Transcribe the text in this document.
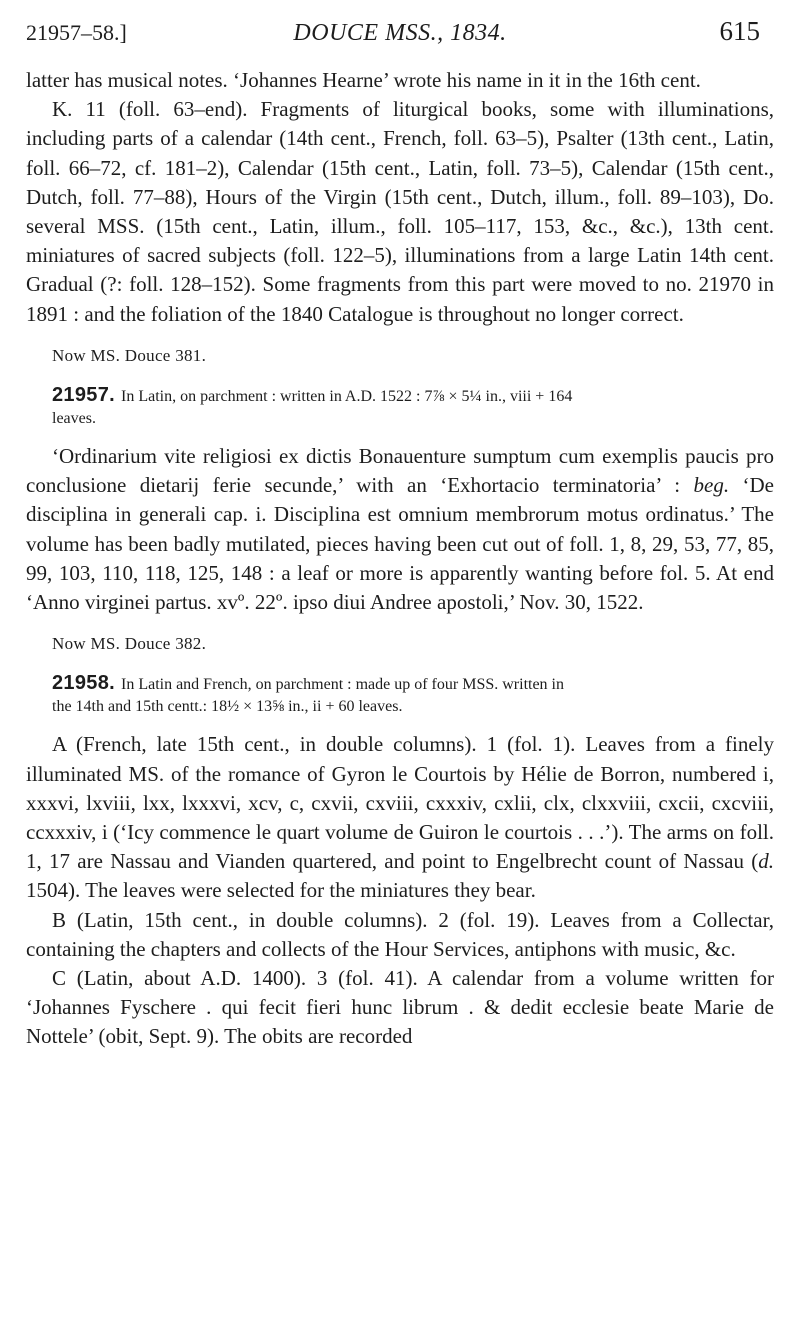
21957–58.]	DOUCE MSS., 1834.	615

latter has musical notes. ‘Johannes Hearne’ wrote his name in it in the 16th cent.

K. 11 (foll. 63–end). Fragments of liturgical books, some with illuminations, including parts of a calendar (14th cent., French, foll. 63–5), Psalter (13th cent., Latin, foll. 66–72, cf. 181–2), Calendar (15th cent., Latin, foll. 73–5), Calendar (15th cent., Dutch, foll. 77–88), Hours of the Virgin (15th cent., Dutch, illum., foll. 89–103), Do. several MSS. (15th cent., Latin, illum., foll. 105–117, 153, &c., &c.), 13th cent. miniatures of sacred subjects (foll. 122–5), illuminations from a large Latin 14th cent. Gradual (?: foll. 128–152). Some fragments from this part were moved to no. 21970 in 1891 : and the foliation of the 1840 Catalogue is throughout no longer correct.

Now MS. Douce 381.
21957. In Latin, on parchment : written in A.D. 1522 : 7⅞ × 5¼ in., viii + 164
leaves.

‘Ordinarium vite religiosi ex dictis Bonauenture sumptum cum exemplis paucis pro conclusione dietarij ferie secunde,’ with an ‘Exhortacio terminatoria’ : beg. ‘De disciplina in generali cap. i. Disciplina est omnium membrorum motus ordinatus.’ The volume has been badly mutilated, pieces having been cut out of foll. 1, 8, 29, 53, 77, 85, 99, 103, 110, 118, 125, 148 : a leaf or more is apparently wanting before fol. 5. At end ‘Anno virginei partus. xvº. 22º. ipso diui Andree apostoli,’ Nov. 30, 1522.

Now MS. Douce 382.
21958. In Latin and French, on parchment : made up of four MSS. written in
the 14th and 15th centt.: 18½ × 13⅝ in., ii + 60 leaves.

A (French, late 15th cent., in double columns). 1 (fol. 1). Leaves from a finely illuminated MS. of the romance of Gyron le Courtois by Hélie de Borron, numbered i, xxxvi, lxviii, lxx, lxxxvi, xcv, c, cxvii, cxviii, cxxxiv, cxlii, clx, clxxviii, cxcii, cxcviii, ccxxxiv, i (‘Icy commence le quart volume de Guiron le courtois . . .’). The arms on foll. 1, 17 are Nassau and Vianden quartered, and point to Engelbrecht count of Nassau (d. 1504). The leaves were selected for the miniatures they bear.

B (Latin, 15th cent., in double columns). 2 (fol. 19). Leaves from a Collectar, containing the chapters and collects of the Hour Services, antiphons with music, &c.

C (Latin, about A.D. 1400). 3 (fol. 41). A calendar from a volume written for ‘Johannes Fyschere . qui fecit fieri hunc librum . & dedit ecclesie beate Marie de Nottele’ (obit, Sept. 9). The obits are recorded
